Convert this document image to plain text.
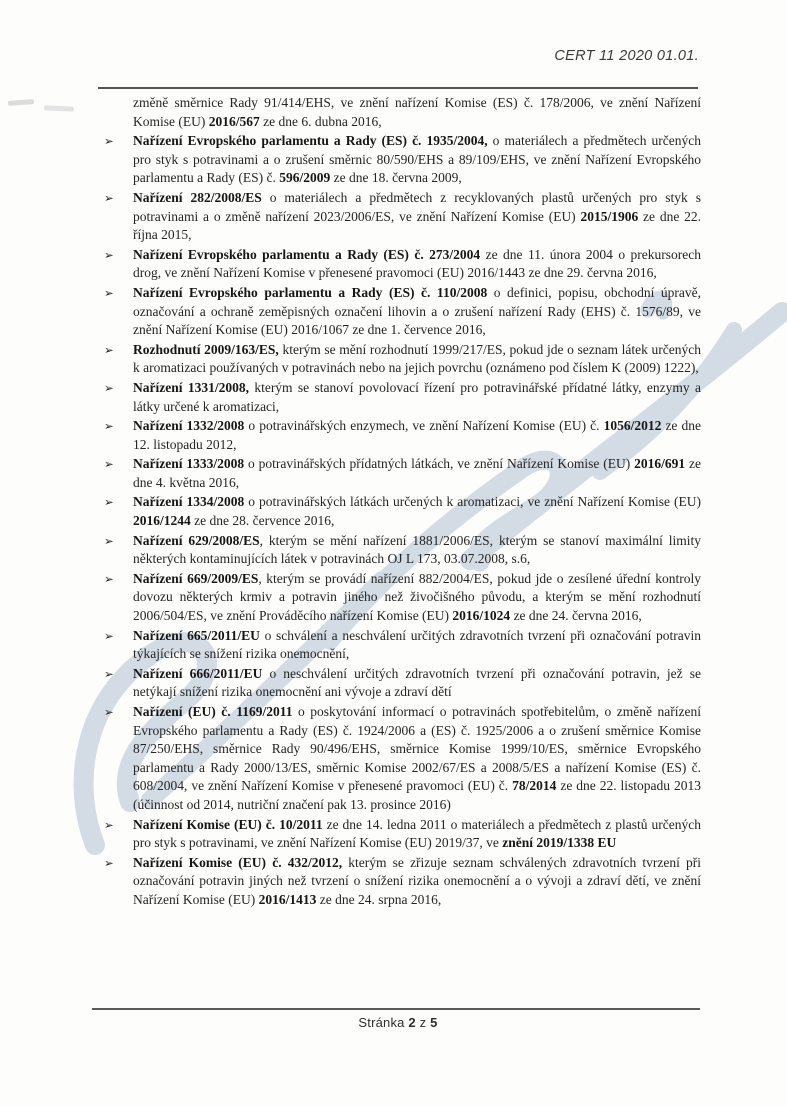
CERT 11 2020 01.01.
změně směrnice Rady 91/414/EHS, ve znění nařízení Komise (ES) č. 178/2006, ve znění Nařízení Komise (EU) 2016/567 ze dne 6. dubna 2016,
➢	Nařízení Evropského parlamentu a Rady (ES) č. 1935/2004, o materiálech a předmětech určených pro styk s potravinami a o zrušení směrnic 80/590/EHS a 89/109/EHS, ve znění Nařízení Evropského parlamentu a Rady (ES) č. 596/2009 ze dne 18. června 2009,
➢	Nařízení 282/2008/ES o materiálech a předmětech z recyklovaných plastů určených pro styk s potravinami a o změně nařízení 2023/2006/ES, ve znění Nařízení Komise (EU) 2015/1906 ze dne 22. října 2015,
➢	Nařízení Evropského parlamentu a Rady (ES) č. 273/2004 ze dne 11. února 2004 o prekursorech drog, ve znění Nařízení Komise v přenesené pravomoci (EU) 2016/1443 ze dne 29. června 2016,
➢	Nařízení Evropského parlamentu a Rady (ES) č. 110/2008 o definici, popisu, obchodní úpravě, označování a ochraně zeměpisných označení lihovin a o zrušení nařízení Rady (EHS) č. 1576/89, ve znění Nařízení Komise (EU) 2016/1067 ze dne 1. července 2016,
➢	Rozhodnutí 2009/163/ES, kterým se mění rozhodnutí 1999/217/ES, pokud jde o seznam látek určených k aromatizaci používaných v potravinách nebo na jejich povrchu (oznámeno pod číslem K (2009) 1222),
➢	Nařízení 1331/2008, kterým se stanoví povolovací řízení pro potravinářské přídatné látky, enzymy a látky určené k aromatizaci,
➢	Nařízení 1332/2008 o potravinářských enzymech, ve znění Nařízení Komise (EU) č. 1056/2012 ze dne 12. listopadu 2012,
➢	Nařízení 1333/2008 o potravinářských přídatných látkách, ve znění Nařízení Komise (EU) 2016/691 ze dne 4. května 2016,
➢	Nařízení 1334/2008 o potravinářských látkách určených k aromatizaci, ve znění Nařízení Komise (EU) 2016/1244 ze dne 28. července 2016,
➢	Nařízení 629/2008/ES, kterým se mění nařízení 1881/2006/ES, kterým se stanoví maximální limity některých kontaminujících látek v potravinách OJ L 173, 03.07.2008, s.6,
➢	Nařízení 669/2009/ES, kterým se provádí nařízení 882/2004/ES, pokud jde o zesílené úřední kontroly dovozu některých krmiv a potravin jiného než živočišného původu, a kterým se mění rozhodnutí 2006/504/ES, ve znění Prováděcího nařízení Komise (EU) 2016/1024 ze dne 24. června 2016,
➢	Nařízení 665/2011/EU o schválení a neschválení určitých zdravotních tvrzení při označování potravin týkajících se snížení rizika onemocnění,
➢	Nařízení 666/2011/EU o neschválení určitých zdravotních tvrzení při označování potravin, jež se netýkají snížení rizika onemocnění ani vývoje a zdraví dětí
➢	Nařízení (EU) č. 1169/2011 o poskytování informací o potravinách spotřebitelům, o změně nařízení Evropského parlamentu a Rady (ES) č. 1924/2006 a (ES) č. 1925/2006 a o zrušení směrnice Komise 87/250/EHS, směrnice Rady 90/496/EHS, směrnice Komise 1999/10/ES, směrnice Evropského parlamentu a Rady 2000/13/ES, směrnic Komise 2002/67/ES a 2008/5/ES a nařízení Komise (ES) č. 608/2004, ve znění Nařízení Komise v přenesené pravomoci (EU) č. 78/2014 ze dne 22. listopadu 2013 (účinnost od 2014, nutriční značení pak 13. prosince 2016)
➢	Nařízení Komise (EU) č. 10/2011 ze dne 14. ledna 2011 o materiálech a předmětech z plastů určených pro styk s potravinami, ve znění Nařízení Komise (EU) 2019/37, ve znění 2019/1338 EU
➢	Nařízení Komise (EU) č. 432/2012, kterým se zřizuje seznam schválených zdravotních tvrzení při označování potravin jiných než tvrzení o snížení rizika onemocnění a o vývoji a zdraví dětí, ve znění Nařízení Komise (EU) 2016/1413 ze dne 24. srpna 2016,
Stránka 2 z 5
